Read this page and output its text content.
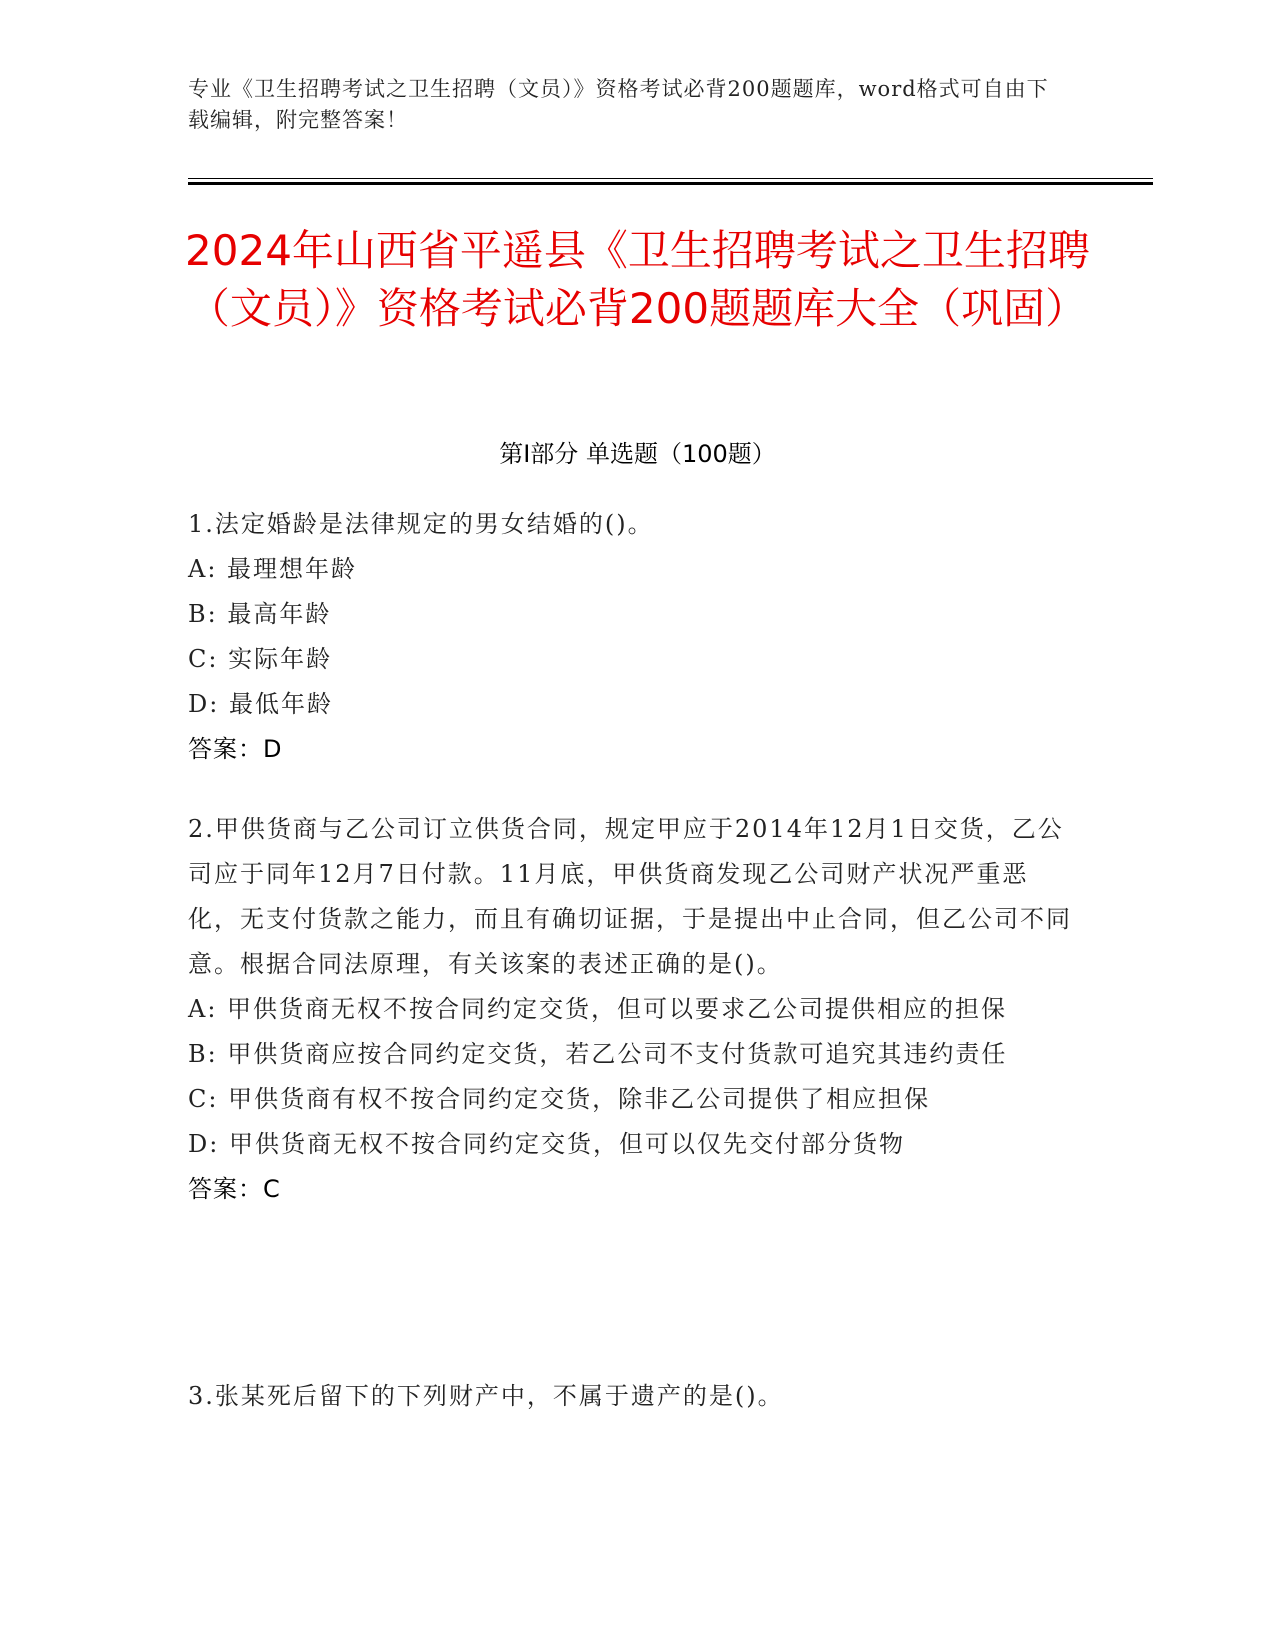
专业《卫生招聘考试之卫生招聘（文员）》资格考试必背200题题库，word格式可自由下载编辑，附完整答案！
2024年山西省平遥县《卫生招聘考试之卫生招聘（文员）》资格考试必背200题题库大全（巩固）
第I部分 单选题（100题）

1.法定婚龄是法律规定的男女结婚的()。

A: 最理想年龄

B: 最高年龄

C: 实际年龄

D: 最低年龄

答案：D

2.甲供货商与乙公司订立供货合同，规定甲应于2014年12月1日交货，乙公司应于同年12月7日付款。11月底，甲供货商发现乙公司财产状况严重恶化，无支付货款之能力，而且有确切证据，于是提出中止合同，但乙公司不同意。根据合同法原理，有关该案的表述正确的是()。

A: 甲供货商无权不按合同约定交货，但可以要求乙公司提供相应的担保

B: 甲供货商应按合同约定交货，若乙公司不支付货款可追究其违约责任

C: 甲供货商有权不按合同约定交货，除非乙公司提供了相应担保

D: 甲供货商无权不按合同约定交货，但可以仅先交付部分货物

答案：C

3.张某死后留下的下列财产中，不属于遗产的是()。
